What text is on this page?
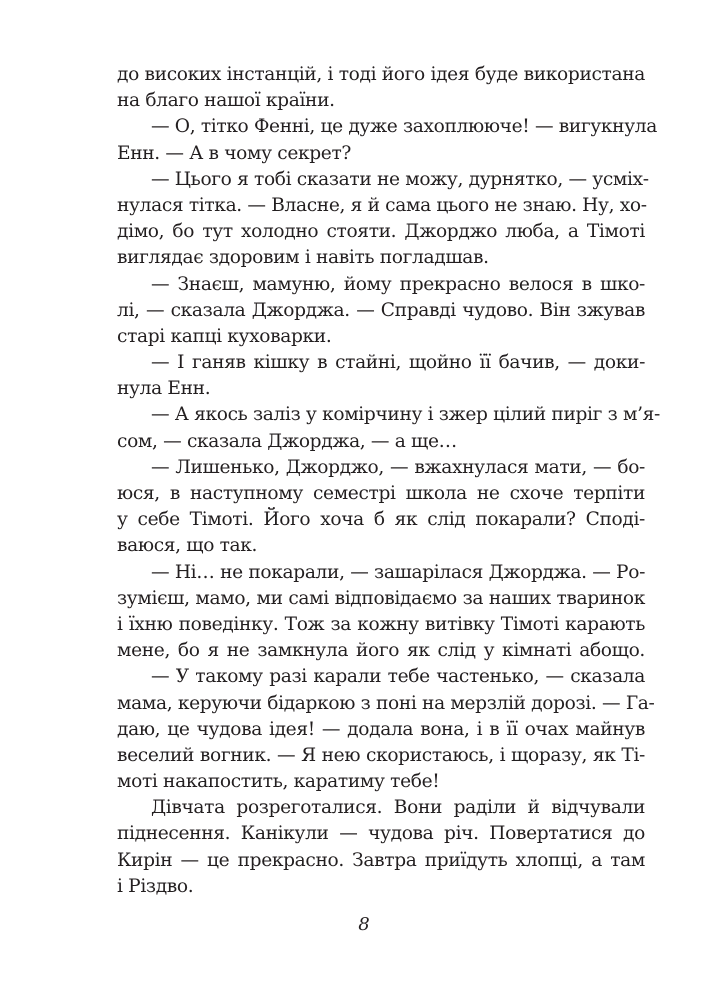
до високих інстанцій, і тоді його ідея буде використана
на благо нашої країни.
— О, тітко Фенні, це дуже захоплююче! — вигукнула
Енн. — А в чому секрет?
— Цього я тобі сказати не можу, дурнятко, — усміх-
нулася тітка. — Власне, я й сама цього не знаю. Ну, хо-
дімо, бо тут холодно стояти. Джорджо люба, а Тімоті
виглядає здоровим і навіть погладшав.
— Знаєш, мамуню, йому прекрасно велося в шко-
лі, — сказала Джорджа. — Справді чудово. Він зжував
старі капці куховарки.
— І ганяв кішку в стайні, щойно її бачив, — доки-
нула Енн.
— А якось заліз у комірчину і зжер цілий пиріг з м’я-
сом, — сказала Джорджа, — а ще…
— Лишенько, Джорджо, — вжахнулася мати, — бо-
юся, в наступному семестрі школа не схоче терпіти
у себе Тімоті. Його хоча б як слід покарали? Споді-
ваюся, що так.
— Ні… не покарали, — зашарілася Джорджа. — Ро-
зумієш, мамо, ми самі відповідаємо за наших тваринок
і їхню поведінку. Тож за кожну витівку Тімоті карають
мене, бо я не замкнула його як слід у кімнаті абощо.
— У такому разі карали тебе частенько, — сказала
мама, керуючи бідаркою з поні на мерзлій дорозі. — Га-
даю, це чудова ідея! — додала вона, і в її очах майнув
веселий вогник. — Я нею скористаюсь, і щоразу, як Ті-
моті накапостить, каратиму тебе!
Дівчата розреготалися. Вони раділи й відчували
піднесення. Канікули — чудова річ. Повертатися до
Кирін — це прекрасно. Завтра приїдуть хлопці, а там
і Різдво.
8
